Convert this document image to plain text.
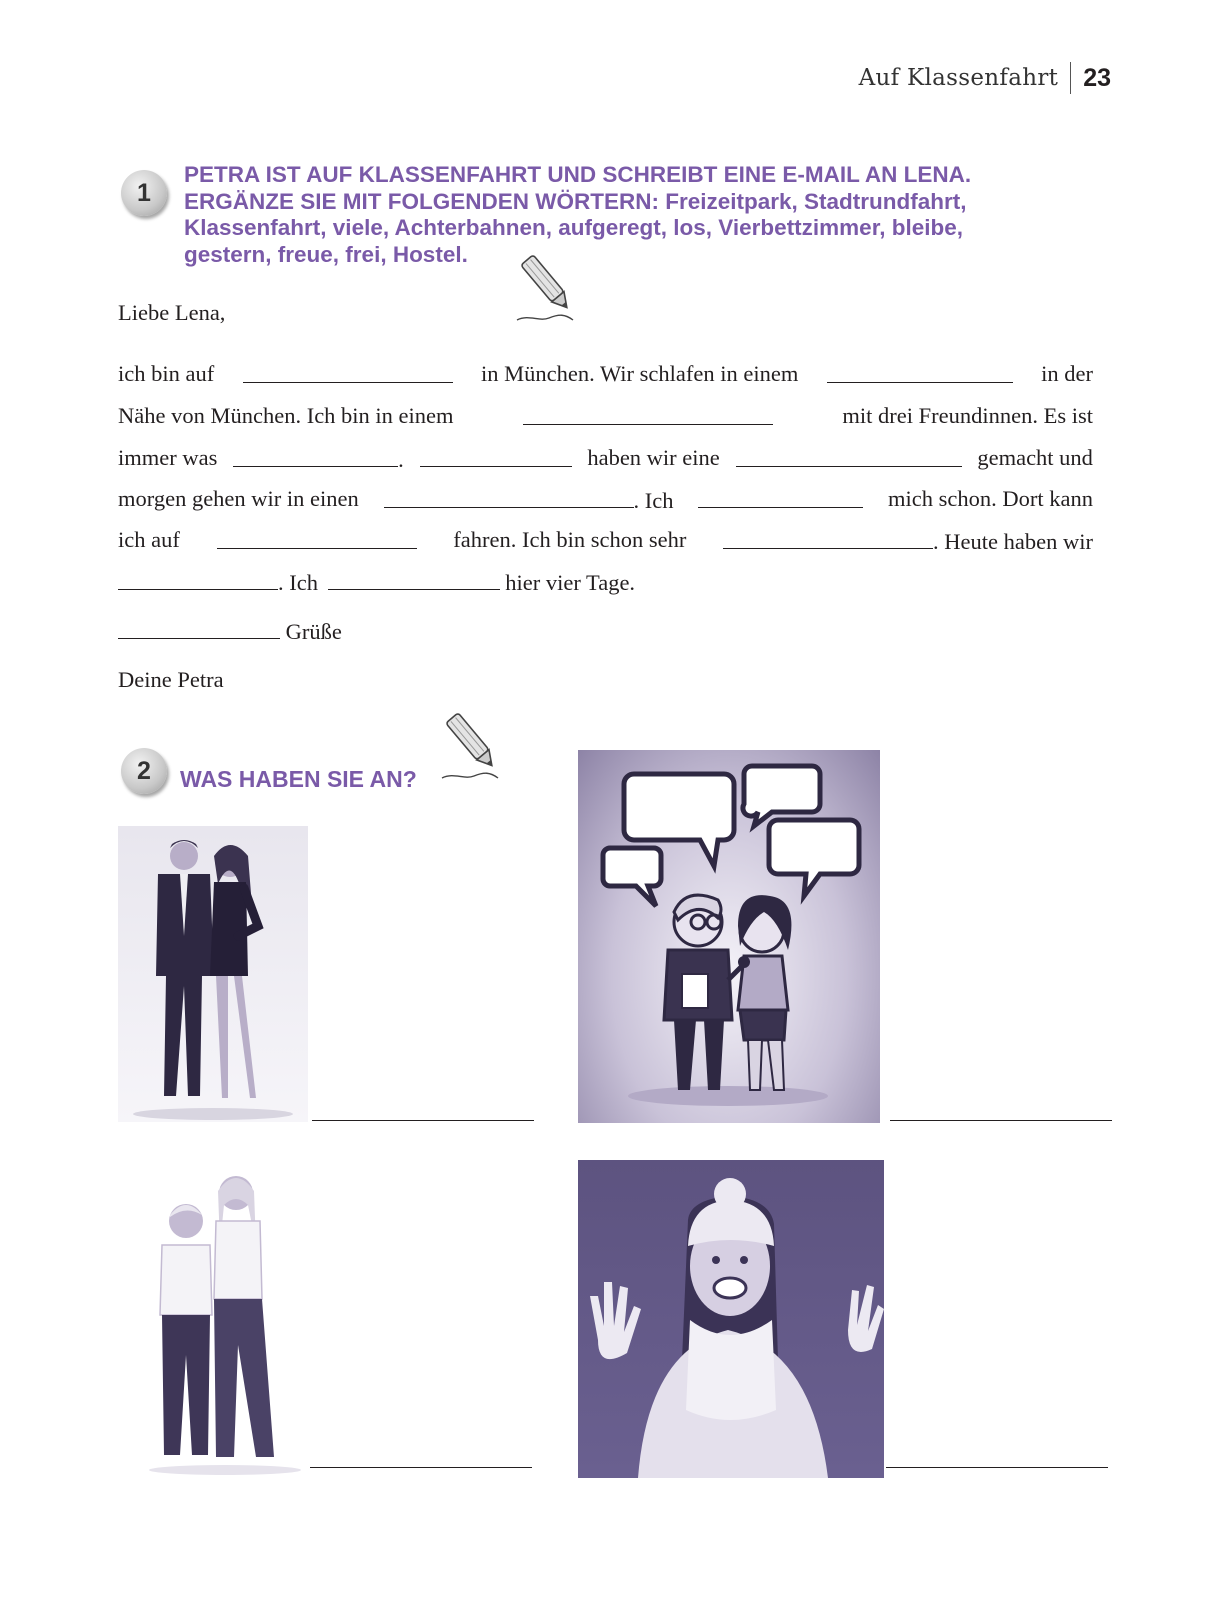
Auf Klassenfahrt 23
1
PETRA IST AUF KLASSENFAHRT UND SCHREIBT EINE E-MAIL AN LENA.
ERGÄNZE SIE MIT FOLGENDEN WÖRTERN: Freizeitpark, Stadtrundfahrt,
Klassenfahrt, viele, Achterbahnen, aufgeregt, los, Vierbettzimmer, bleibe,
gestern, freue, frei, Hostel.
Liebe Lena,
ich bin auf	in München. Wir schlafen in einem	in der
Nähe von München. Ich bin in einem	mit drei Freundinnen. Es ist
immer was	.	haben wir eine	gemacht und
morgen gehen wir in einen	. Ich	mich schon. Dort kann
ich auf	fahren. Ich bin schon sehr	. Heute haben wir
. Ich	hier vier Tage.
Grüße
Deine Petra
2	WAS HABEN SIE AN?
